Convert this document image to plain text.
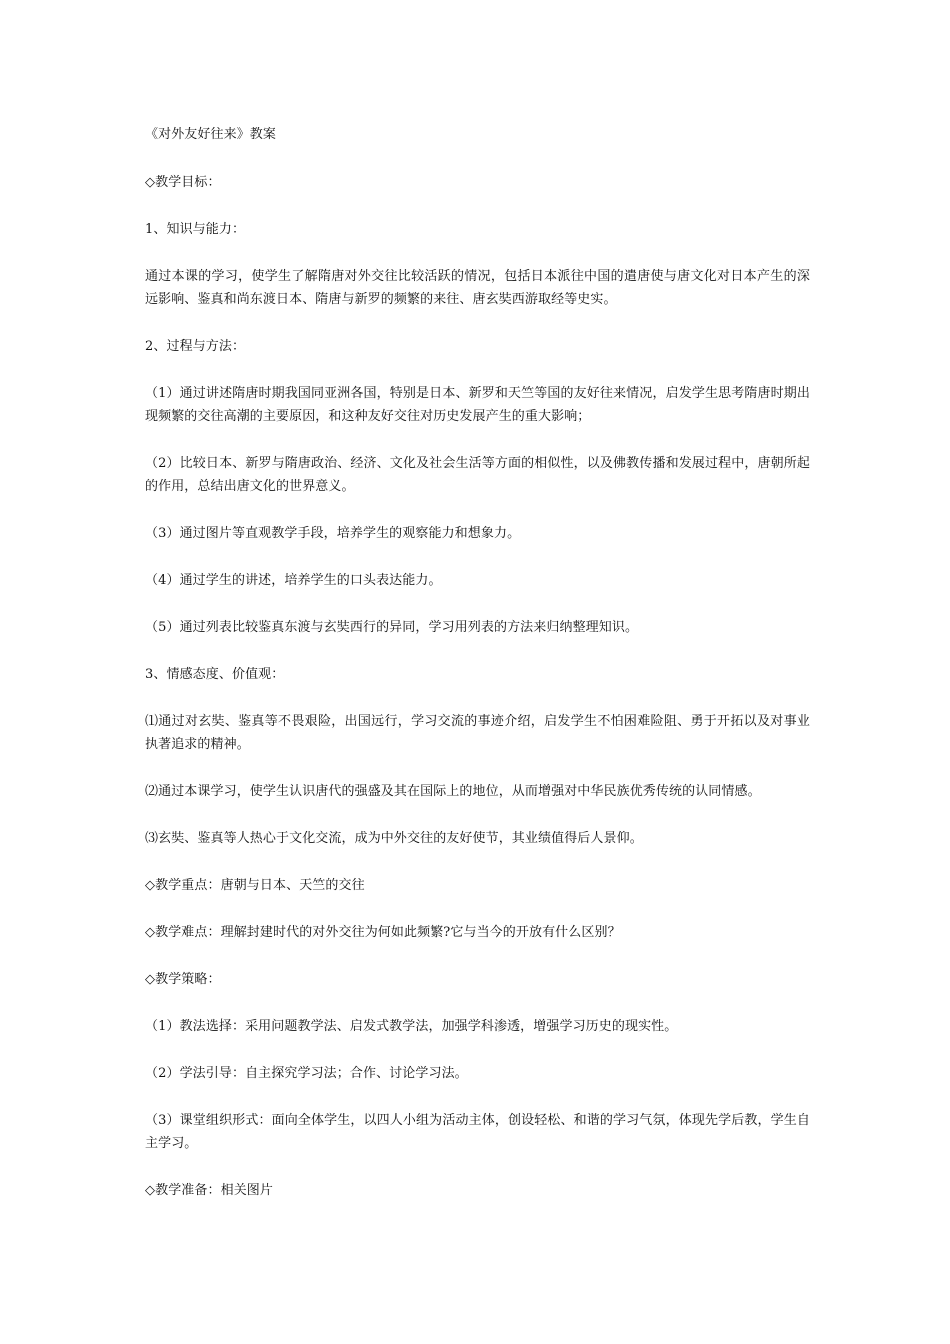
《对外友好往来》教案

◇教学目标：

1、知识与能力：

通过本课的学习，使学生了解隋唐对外交往比较活跃的情况，包括日本派往中国的遣唐使与唐文化对日本产生的深远影响、鉴真和尚东渡日本、隋唐与新罗的频繁的来往、唐玄奘西游取经等史实。

2、过程与方法：

（1）通过讲述隋唐时期我国同亚洲各国，特别是日本、新罗和天竺等国的友好往来情况，启发学生思考隋唐时期出现频繁的交往高潮的主要原因，和这种友好交往对历史发展产生的重大影响；

（2）比较日本、新罗与隋唐政治、经济、文化及社会生活等方面的相似性，以及佛教传播和发展过程中，唐朝所起的作用，总结出唐文化的世界意义。

（3）通过图片等直观教学手段，培养学生的观察能力和想象力。

（4）通过学生的讲述，培养学生的口头表达能力。

（5）通过列表比较鉴真东渡与玄奘西行的异同，学习用列表的方法来归纳整理知识。

3、情感态度、价值观：

⑴通过对玄奘、鉴真等不畏艰险，出国远行，学习交流的事迹介绍，启发学生不怕困难险阻、勇于开拓以及对事业执著追求的精神。

⑵通过本课学习，使学生认识唐代的强盛及其在国际上的地位，从而增强对中华民族优秀传统的认同情感。

⑶玄奘、鉴真等人热心于文化交流，成为中外交往的友好使节，其业绩值得后人景仰。

◇教学重点：唐朝与日本、天竺的交往

◇教学难点：理解封建时代的对外交往为何如此频繁?它与当今的开放有什么区别？

◇教学策略：

（1）教法选择：采用问题教学法、启发式教学法，加强学科渗透，增强学习历史的现实性。

（2）学法引导：自主探究学习法；合作、讨论学习法。

（3）课堂组织形式：面向全体学生，以四人小组为活动主体，创设轻松、和谐的学习气氛，体现先学后教，学生自主学习。

◇教学准备：相关图片
